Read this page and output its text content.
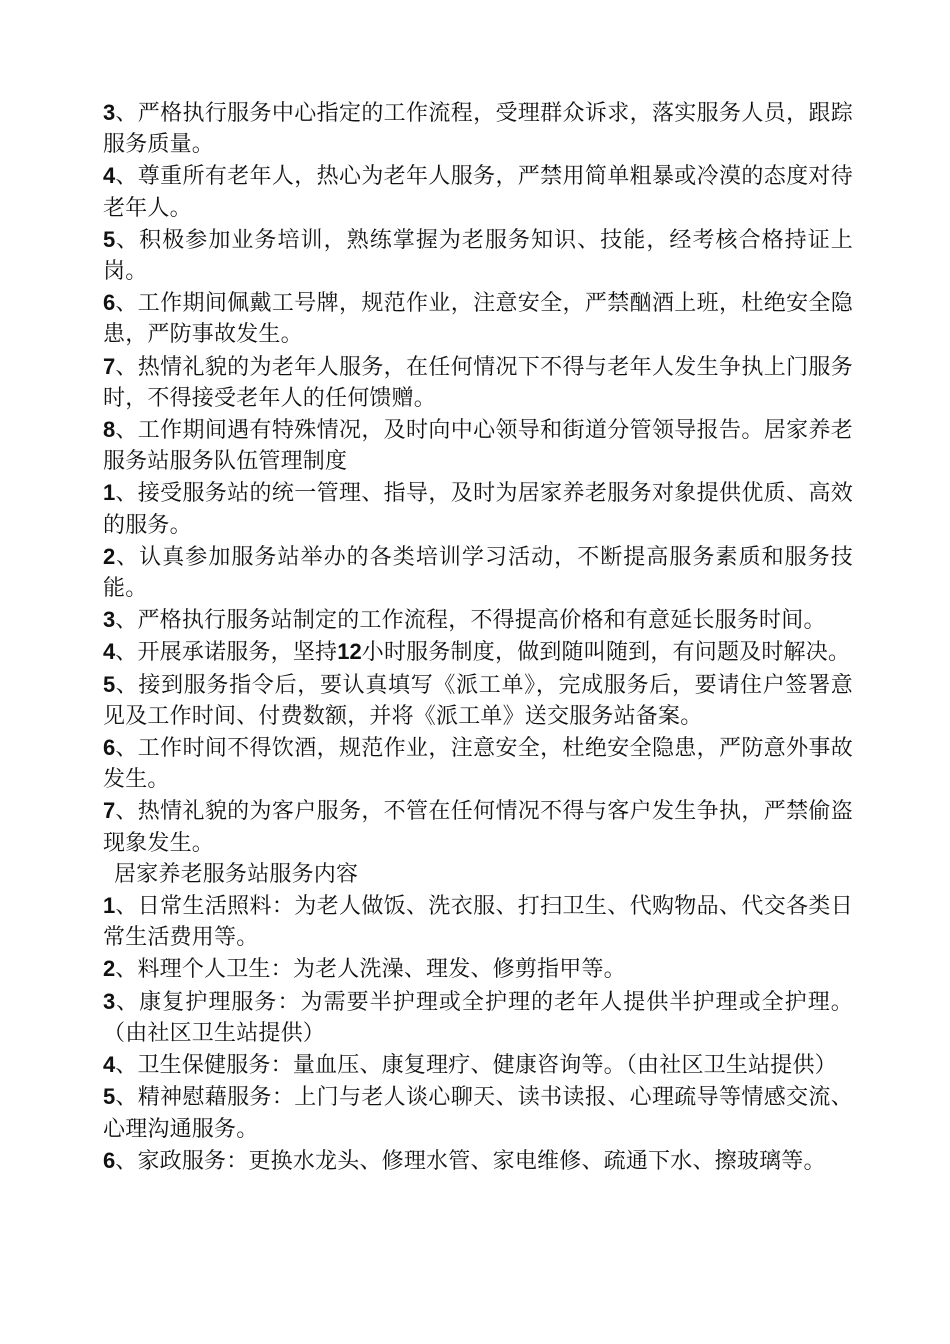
3、严格执行服务中心指定的工作流程，受理群众诉求，落实服务人员，跟踪服务质量。

4、尊重所有老年人，热心为老年人服务，严禁用简单粗暴或冷漠的态度对待老年人。

5、积极参加业务培训，熟练掌握为老服务知识、技能，经考核合格持证上岗。

6、工作期间佩戴工号牌，规范作业，注意安全，严禁酗酒上班，杜绝安全隐患，严防事故发生。

7、热情礼貌的为老年人服务，在任何情况下不得与老年人发生争执上门服务时，不得接受老年人的任何馈赠。

8、工作期间遇有特殊情况，及时向中心领导和街道分管领导报告。居家养老服务站服务队伍管理制度

1、接受服务站的统一管理、指导，及时为居家养老服务对象提供优质、高效的服务。

2、认真参加服务站举办的各类培训学习活动，不断提高服务素质和服务技能。

3、严格执行服务站制定的工作流程，不得提高价格和有意延长服务时间。

4、开展承诺服务，坚持12小时服务制度，做到随叫随到，有问题及时解决。

5、接到服务指令后，要认真填写《派工单》，完成服务后，要请住户签署意见及工作时间、付费数额，并将《派工单》送交服务站备案。

6、工作时间不得饮酒，规范作业，注意安全，杜绝安全隐患，严防意外事故发生。

7、热情礼貌的为客户服务，不管在任何情况不得与客户发生争执，严禁偷盗现象发生。

居家养老服务站服务内容

1、日常生活照料：为老人做饭、洗衣服、打扫卫生、代购物品、代交各类日常生活费用等。

2、料理个人卫生：为老人洗澡、理发、修剪指甲等。

3、康复护理服务：为需要半护理或全护理的老年人提供半护理或全护理。（由社区卫生站提供）

4、卫生保健服务：量血压、康复理疗、健康咨询等。（由社区卫生站提供）

5、精神慰藉服务：上门与老人谈心聊天、读书读报、心理疏导等情感交流、心理沟通服务。

6、家政服务：更换水龙头、修理水管、家电维修、疏通下水、擦玻璃等。
